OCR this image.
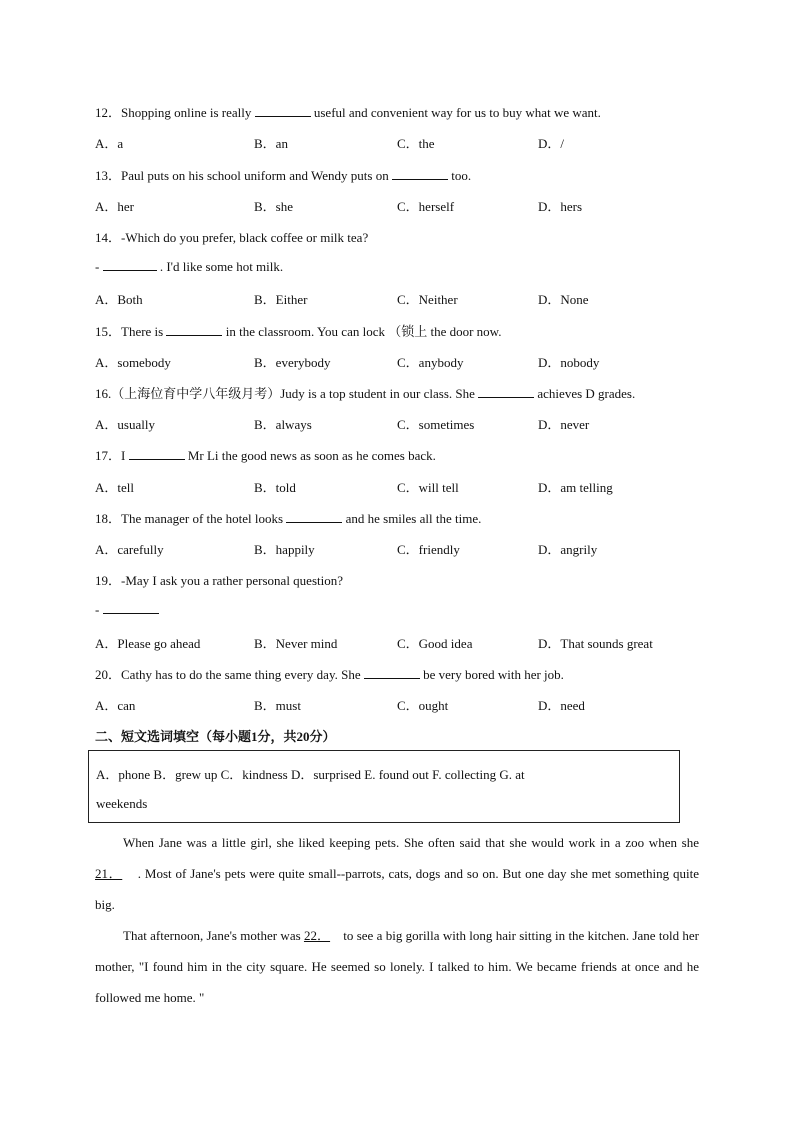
12．Shopping online is really	useful and convenient way for us to buy what we want.
A．a	B．an	C．the	D．/
13．Paul puts on his school uniform and Wendy puts on	too.
A．her	B．she	C．herself	D．hers
15．There is	in the classroom. You can lock （锁上 the door now.
A．somebody	B．everybody	C．anybody	D．nobody
16.（上海位育中学八年级月考）Judy is a top student in our class. She	achieves D grades.
A．usually	B．always	C．sometimes	D．never
17．I	Mr Li the good news as soon as he comes back.
A．tell	B．told	C．will tell	D．am telling
18．The manager of the hotel looks	and he smiles all the time.
A．carefully	B．happily	C．friendly	D．angrily
20．Cathy has to do the same thing every day. She	be very bored with her job.
A．can	B．must	C．ought	D．need
14．-Which do you prefer, black coffee or milk tea?
-	. I'd like some hot milk.
A．Both	B．Either	C．Neither	D．None
19．-May I ask you a rather personal question?
-
A．Please go ahead	B．Never mind	C．Good idea	D．That sounds great
二、短文选词填空（每小题1分，共20分）
A．phone B．grew up C．kindness D．surprised E. found out F. collecting G. at
weekends
When Jane was a little girl, she liked keeping pets. She often said that she would work in a zoo when she 21．    . Most of Jane's pets were quite small--parrots, cats, dogs and so on. But one day she met something quite big.
That afternoon, Jane's mother was 22．    to see a big gorilla with long hair sitting in the kitchen. Jane told her mother, "I found him in the city square. He seemed so lonely. I talked to him. We became friends at once and he followed me home. "
